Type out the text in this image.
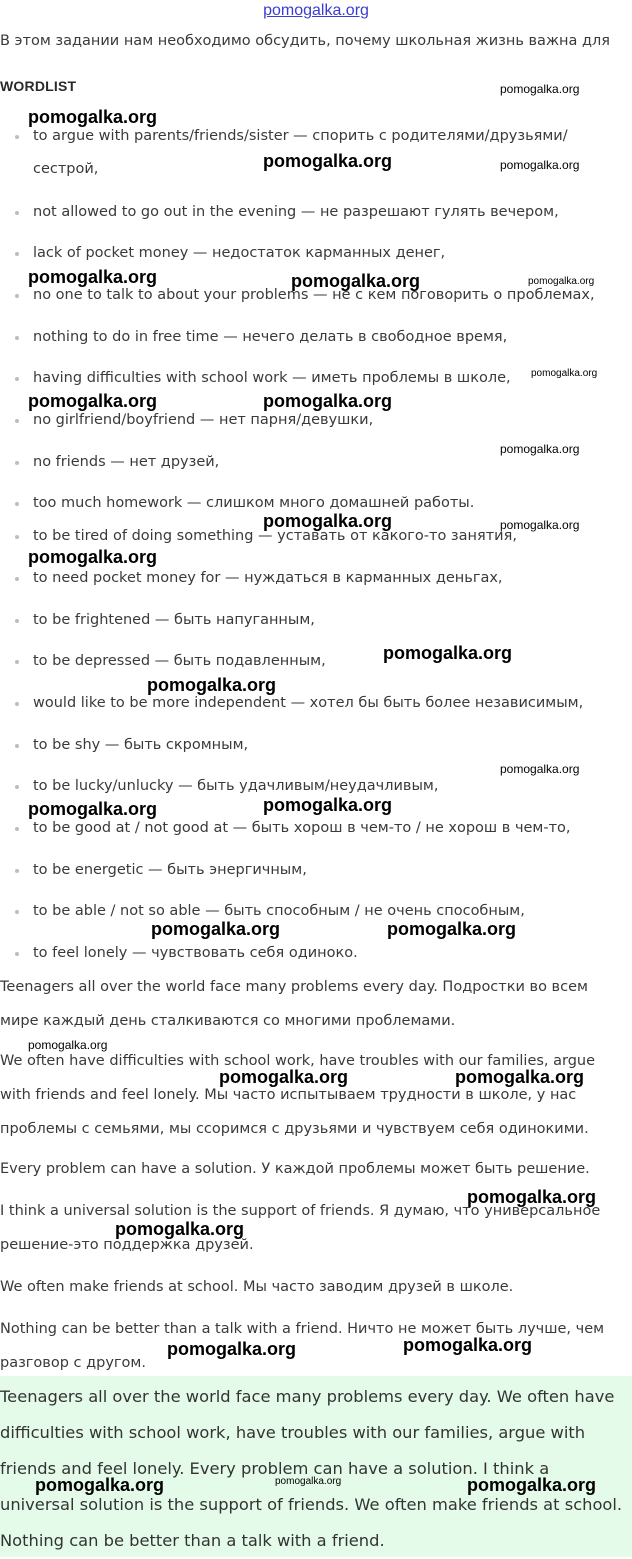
pomogalka.org
В этом задании нам необходимо обсудить, почему школьная жизнь важна для
WORDLIST
to argue with parents/friends/sister — спорить с родителями/друзьями/ сестрой,
not allowed to go out in the evening — не разрешают гулять вечером,
lack of pocket money — недостаток карманных денег,
no one to talk to about your problems — не с кем поговорить о проблемах,
nothing to do in free time — нечего делать в свободное время,
having difficulties with school work — иметь проблемы в школе,
no girlfriend/boyfriend — нет парня/девушки,
no friends — нет друзей,
too much homework — слишком много домашней работы.
to be tired of doing something — уставать от какого-то занятия,
to need pocket money for — нуждаться в карманных деньгах,
to be frightened — быть напуганным,
to be depressed — быть подавленным,
would like to be more independent — хотел бы быть более независимым,
to be shy — быть скромным,
to be lucky/unlucky — быть удачливым/неудачливым,
to be good at / not good at — быть хорош в чем-то / не хорош в чем-то,
to be energetic — быть энергичным,
to be able / not so able — быть способным / не очень способным,
to feel lonely — чувствовать себя одиноко.
Teenagers all over the world face many problems every day. Подростки во всем мире каждый день сталкиваются со многими проблемами.
We often have difficulties with school work, have troubles with our families, argue with friends and feel lonely. Мы часто испытываем трудности в школе, у нас проблемы с семьями, мы ссоримся с друзьями и чувствуем себя одинокими.
Every problem can have a solution. У каждой проблемы может быть решение.
I think a universal solution is the support of friends. Я думаю, что универсальное решение-это поддержка друзей.
We often make friends at school. Мы часто заводим друзей в школе.
Nothing can be better than a talk with a friend. Ничто не может быть лучше, чем разговор с другом.

Teenagers all over the world face many problems every day. We often have difficulties with school work, have troubles with our families, argue with friends and feel lonely. Every problem can have a solution. I think a universal solution is the support of friends. We often make friends at school. Nothing can be better than a talk with a friend.

pomogalka.org
pomogalka.org
pomogalka.org	pomogalka.org
pomogalka.org	pomogalka.org	pomogalka.org
pomogalka.org
pomogalka.org	pomogalka.org
pomogalka.org
pomogalka.org	pomogalka.org
pomogalka.org
pomogalka.org
pomogalka.org
pomogalka.org
pomogalka.org	pomogalka.org
pomogalka.org	pomogalka.org
pomogalka.org
pomogalka.org	pomogalka.org
pomogalka.org
pomogalka.org
pomogalka.org	pomogalka.org
pomogalka.org	pomogalka.org	pomogalka.org
